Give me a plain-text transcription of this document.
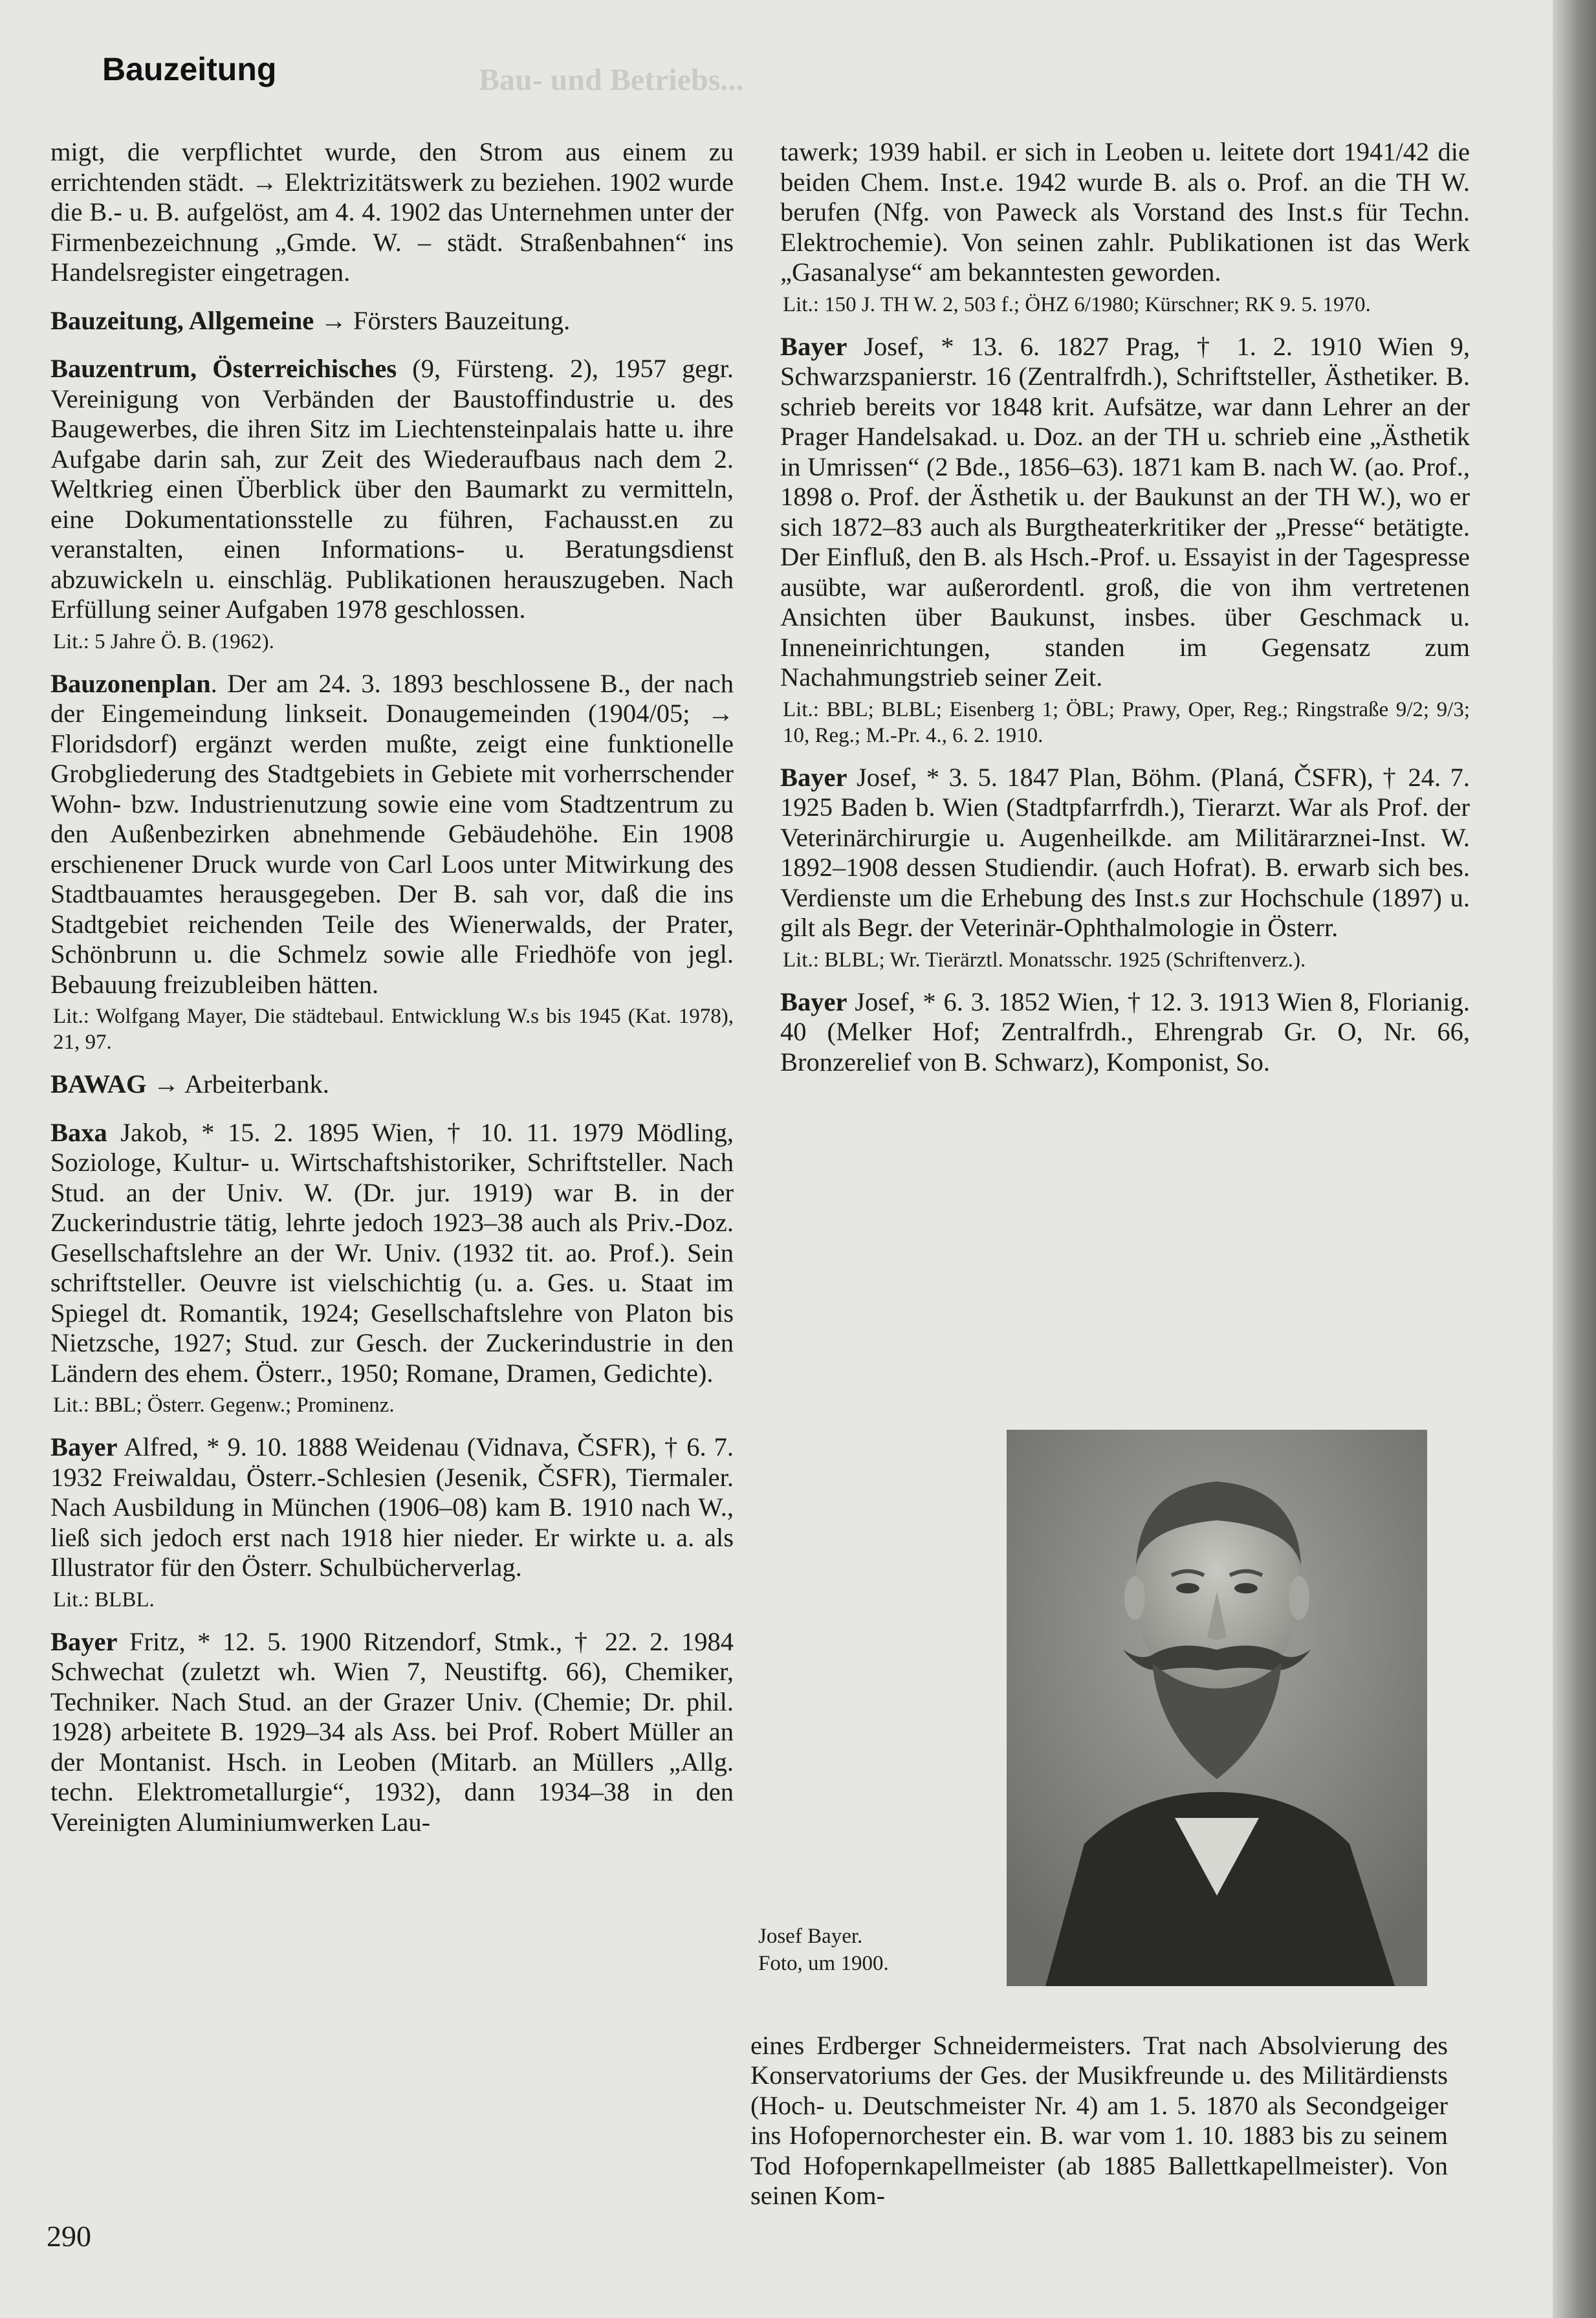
Bauzeitung	Bau- und Betriebs...

migt, die verpflichtet wurde, den Strom aus einem zu errichtenden städt. → Elektrizitätswerk zu beziehen. 1902 wurde die B.- u. B. aufgelöst, am 4. 4. 1902 das Unternehmen unter der Firmenbezeichnung „Gmde. W. – städt. Straßenbahnen“ ins Handelsregister eingetragen.

Bauzeitung, Allgemeine → Försters Bauzeitung.

Bauzentrum, Österreichisches (9, Fürsteng. 2), 1957 gegr. Vereinigung von Verbänden der Baustoffindustrie u. des Baugewerbes, die ihren Sitz im Liechtensteinpalais hatte u. ihre Aufgabe darin sah, zur Zeit des Wiederaufbaus nach dem 2. Weltkrieg einen Überblick über den Baumarkt zu vermitteln, eine Dokumentationsstelle zu führen, Fachausst.en zu veranstalten, einen Informations- u. Beratungsdienst abzuwickeln u. einschläg. Publikationen herauszugeben. Nach Erfüllung seiner Aufgaben 1978 geschlossen.

Lit.: 5 Jahre Ö. B. (1962).

Bauzonenplan. Der am 24. 3. 1893 beschlossene B., der nach der Eingemeindung linkseit. Donaugemeinden (1904/05; → Floridsdorf) ergänzt werden mußte, zeigt eine funktionelle Grobgliederung des Stadtgebiets in Gebiete mit vorherrschender Wohn- bzw. Industrienutzung sowie eine vom Stadtzentrum zu den Außenbezirken abnehmende Gebäudehöhe. Ein 1908 erschienener Druck wurde von Carl Loos unter Mitwirkung des Stadtbauamtes herausgegeben. Der B. sah vor, daß die ins Stadtgebiet reichenden Teile des Wienerwalds, der Prater, Schönbrunn u. die Schmelz sowie alle Friedhöfe von jegl. Bebauung freizubleiben hätten.

Lit.: Wolfgang Mayer, Die städtebaul. Entwicklung W.s bis 1945 (Kat. 1978), 21, 97.

BAWAG → Arbeiterbank.

Baxa Jakob, * 15. 2. 1895 Wien, † 10. 11. 1979 Mödling, Soziologe, Kultur- u. Wirtschaftshistoriker, Schriftsteller. Nach Stud. an der Univ. W. (Dr. jur. 1919) war B. in der Zuckerindustrie tätig, lehrte jedoch 1923–38 auch als Priv.-Doz. Gesellschaftslehre an der Wr. Univ. (1932 tit. ao. Prof.). Sein schriftsteller. Oeuvre ist vielschichtig (u. a. Ges. u. Staat im Spiegel dt. Romantik, 1924; Gesellschaftslehre von Platon bis Nietzsche, 1927; Stud. zur Gesch. der Zuckerindustrie in den Ländern des ehem. Österr., 1950; Romane, Dramen, Gedichte).

Lit.: BBL; Österr. Gegenw.; Prominenz.

Bayer Alfred, * 9. 10. 1888 Weidenau (Vidnava, ČSFR), † 6. 7. 1932 Freiwaldau, Österr.-Schlesien (Jesenik, ČSFR), Tiermaler. Nach Ausbildung in München (1906–08) kam B. 1910 nach W., ließ sich jedoch erst nach 1918 hier nieder. Er wirkte u. a. als Illustrator für den Österr. Schulbücherverlag.

Lit.: BLBL.

Bayer Fritz, * 12. 5. 1900 Ritzendorf, Stmk., † 22. 2. 1984 Schwechat (zuletzt wh. Wien 7, Neustiftg. 66), Chemiker, Techniker. Nach Stud. an der Grazer Univ. (Chemie; Dr. phil. 1928) arbeitete B. 1929–34 als Ass. bei Prof. Robert Müller an der Montanist. Hsch. in Leoben (Mitarb. an Müllers „Allg. techn. Elektrometallurgie“, 1932), dann 1934–38 in den Vereinigten Aluminiumwerken Lau-

tawerk; 1939 habil. er sich in Leoben u. leitete dort 1941/42 die beiden Chem. Inst.e. 1942 wurde B. als o. Prof. an die TH W. berufen (Nfg. von Paweck als Vorstand des Inst.s für Techn. Elektrochemie). Von seinen zahlr. Publikationen ist das Werk „Gasanalyse“ am bekanntesten geworden.

Lit.: 150 J. TH W. 2, 503 f.; ÖHZ 6/1980; Kürschner; RK 9. 5. 1970.

Bayer Josef, * 13. 6. 1827 Prag, † 1. 2. 1910 Wien 9, Schwarzspanierstr. 16 (Zentralfrdh.), Schriftsteller, Ästhetiker. B. schrieb bereits vor 1848 krit. Aufsätze, war dann Lehrer an der Prager Handelsakad. u. Doz. an der TH u. schrieb eine „Ästhetik in Umrissen“ (2 Bde., 1856–63). 1871 kam B. nach W. (ao. Prof., 1898 o. Prof. der Ästhetik u. der Baukunst an der TH W.), wo er sich 1872–83 auch als Burgtheaterkritiker der „Presse“ betätigte. Der Einfluß, den B. als Hsch.-Prof. u. Essayist in der Tagespresse ausübte, war außerordentl. groß, die von ihm vertretenen Ansichten über Baukunst, insbes. über Geschmack u. Inneneinrichtungen, standen im Gegensatz zum Nachahmungstrieb seiner Zeit.

Lit.: BBL; BLBL; Eisenberg 1; ÖBL; Prawy, Oper, Reg.; Ringstraße 9/2; 9/3; 10, Reg.; M.-Pr. 4., 6. 2. 1910.

Bayer Josef, * 3. 5. 1847 Plan, Böhm. (Planá, ČSFR), † 24. 7. 1925 Baden b. Wien (Stadtpfarrfrdh.), Tierarzt. War als Prof. der Veterinärchirurgie u. Augenheilkde. am Militärarznei-Inst. W. 1892–1908 dessen Studiendir. (auch Hofrat). B. erwarb sich bes. Verdienste um die Erhebung des Inst.s zur Hochschule (1897) u. gilt als Begr. der Veterinär-Ophthalmologie in Österr.

Lit.: BLBL; Wr. Tierärztl. Monatsschr. 1925 (Schriftenverz.).

Bayer Josef, * 6. 3. 1852 Wien, † 12. 3. 1913 Wien 8, Florianig. 40 (Melker Hof; Zentralfrdh., Ehrengrab Gr. O, Nr. 66, Bronzerelief von B. Schwarz), Komponist, So.

Josef Bayer.
Foto, um 1900.

eines Erdberger Schneidermeisters. Trat nach Absolvierung des Konservatoriums der Ges. der Musikfreunde u. des Militärdiensts (Hoch- u. Deutschmeister Nr. 4) am 1. 5. 1870 als Secondgeiger ins Hofopernorchester ein. B. war vom 1. 10. 1883 bis zu seinem Tod Hofopernkapellmeister (ab 1885 Ballettkapellmeister). Von seinen Kom-

290
